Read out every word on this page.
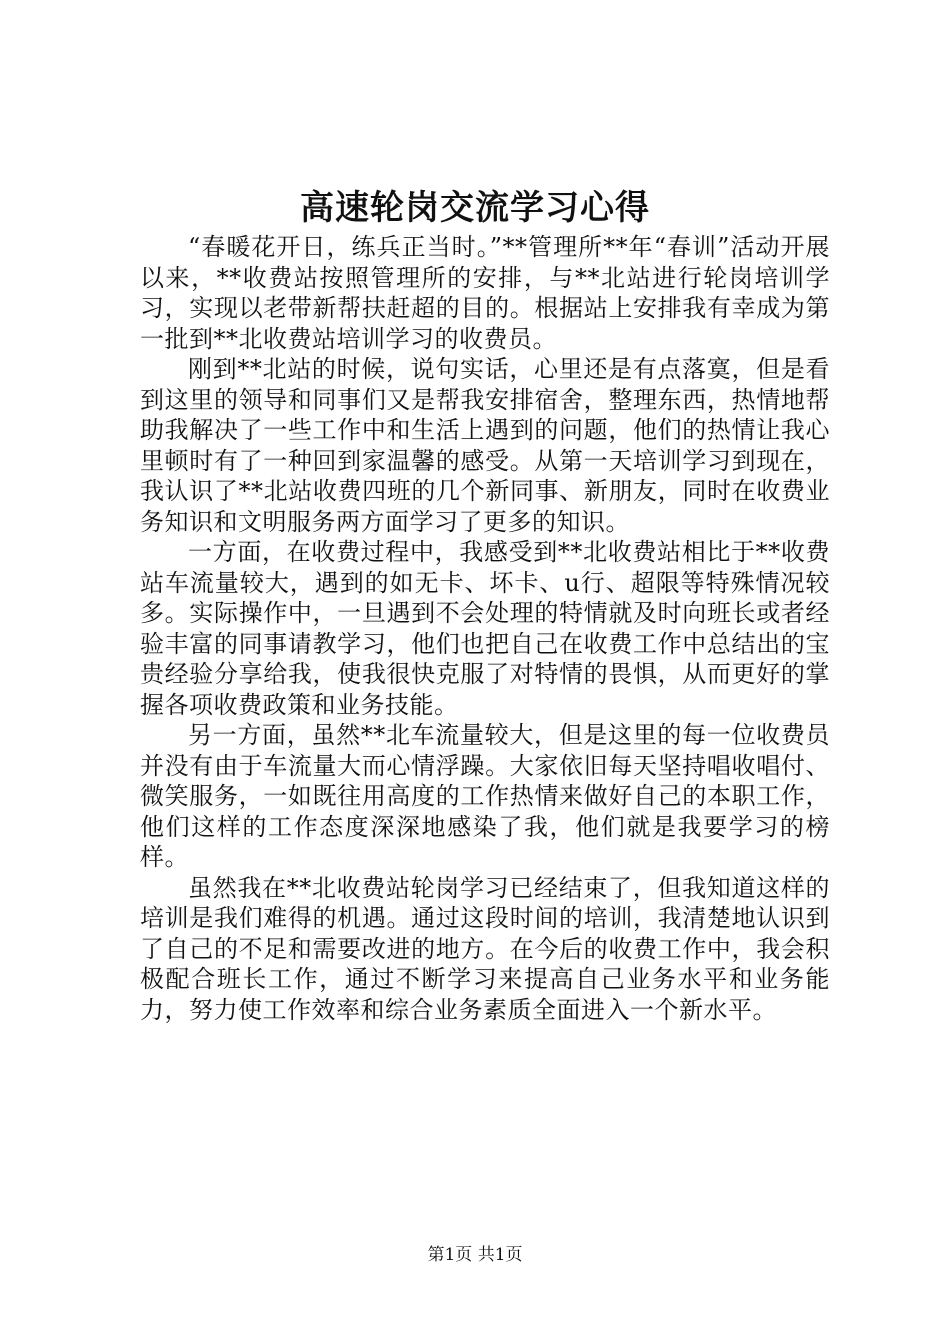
高速轮岗交流学习心得

“春暖花开日，练兵正当时。”**管理所**年“春训”活动开展以来，**收费站按照管理所的安排，与**北站进行轮岗培训学习，实现以老带新帮扶赶超的目的。根据站上安排我有幸成为第一批到**北收费站培训学习的收费员。

刚到**北站的时候，说句实话，心里还是有点落寞，但是看到这里的领导和同事们又是帮我安排宿舍，整理东西，热情地帮助我解决了一些工作中和生活上遇到的问题，他们的热情让我心里顿时有了一种回到家温馨的感受。从第一天培训学习到现在，我认识了**北站收费四班的几个新同事、新朋友，同时在收费业务知识和文明服务两方面学习了更多的知识。

一方面，在收费过程中，我感受到**北收费站相比于**收费站车流量较大，遇到的如无卡、坏卡、u行、超限等特殊情况较多。实际操作中，一旦遇到不会处理的特情就及时向班长或者经验丰富的同事请教学习，他们也把自己在收费工作中总结出的宝贵经验分享给我，使我很快克服了对特情的畏惧，从而更好的掌握各项收费政策和业务技能。

另一方面，虽然**北车流量较大，但是这里的每一位收费员并没有由于车流量大而心情浮躁。大家依旧每天坚持唱收唱付、微笑服务，一如既往用高度的工作热情来做好自己的本职工作，他们这样的工作态度深深地感染了我，他们就是我要学习的榜样。

虽然我在**北收费站轮岗学习已经结束了，但我知道这样的培训是我们难得的机遇。通过这段时间的培训，我清楚地认识到了自己的不足和需要改进的地方。在今后的收费工作中，我会积极配合班长工作，通过不断学习来提高自己业务水平和业务能力，努力使工作效率和综合业务素质全面进入一个新水平。

第1页 共1页
